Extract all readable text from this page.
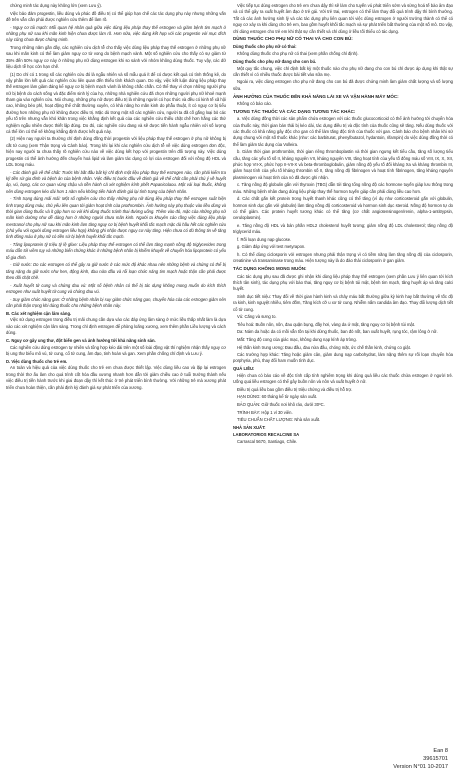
chứng minh tác dụng này không lớn (xem Lưu ý).

Việc bảo đảm progestin, liều dùng và phác đồ điều trị có thể giúp hạn chế các tác dụng phụ này nhưng những vấn đề trên vẫn cần phải được nghiên cứu thêm để làm rõ.

- Nguy cơ tái mạch: Mối quan hệ nhân quả giữa việc dùng liệu pháp thay thế estrogen và giảm bệnh tim mạch ở những phụ nữ sau khi mãn kinh hiện chưa được làm rõ. Hơn nữa, việc dùng kết hợp với các progestin với mục đích này cũng chưa được chứng minh.

Trong những năm gần đây, các nghiên cứu dịch tễ cho thấy việc dùng liệu pháp thay thế estrogen ở những phụ nữ sau khi mãn kinh có thể làm giảm nguy cơ tử vong do bệnh mạch vành. Một số nghiên cứu cho thấy có sự giảm từ 35% đến 50% nguy cơ này ở những phụ nữ dùng estrogen khi so sánh với nhóm không dùng thuốc. Tuy vậy, các dữ liệu dịch tễ học còn hạn chế.

(1) Do chỉ có 1 trong số các nghiên cứu đó là ngẫu nhiên và số mẫu quá ít để có được kết quả có tính thống kê, do vậy phần lớn kết quả các nghiên cứu liên quan đến thiếu tính khách quan. Do vậy, việc kết luận dùng liệu pháp thay thế estrogen làm giảm đáng kể nguy cơ bị bệnh mạch vành là không chắc chắn. Có thể thay vì chọn những người phụ nữ bị bệnh do cách sống và đặc điểm sinh lý của họ, những nhà nghiên cứu đã chọn những người phụ nữ khoẻ mạnh tham gia vào nghiên cứu. Nói chung, những phụ nữ được điều trị là những người có học thức và đều có kinh tế xã hội cao, không béo phì, hoạt động thể chất thường xuyên, có khả năng ho mãn kinh do phẫu thuật, ít có nguy cơ bị tiểu đường hơn những phụ nữ không được điều trị. Mặc dù trong một số các nghiên cứu, người ta đã cố gắng loại bỏ các yếu tố trên nhưng vẫn khó khăn trong việc khẳng định kết quả của các nghiên cứu thiếu chặt chẽ hơn hẳng các thử nghiệm ngẫu nhiên được thiết lập đúng. Do đó, các nghiên cứu đang và sẽ được tiến hành ngẫu nhiên với số lượng cá thể lớn có thể sẽ không khẳng định được kết quả này.

(2) Hiện nay người ta thường chỉ định dùng đồng thời progestin với liệu pháp thay thế estrogen ở phụ nữ không bị cắt tử cung (xem Thận trọng và Cảnh báo). Trong khi lại khi các nghiên cứu dịch tễ về việc dùng estrogen đơn độc, hiện nay người ta chưa thấy rõ nghiên cứu nào về việc dùng kết hợp với progestin trên đối tượng này. Việc dùng progestin có thể ảnh hưởng đến chuyển hoá lipid và làm giảm tác dụng có lợi của estrogen đối với nồng độ HDL và LDL trong máu.

- Các đánh giá về thể chất: Trước khi bắt đầu bất kỳ chỉ định một liệu pháp thay thế estrogen nào, cần phải kiểm tra kỹ tiền sử gia đình và bệnh án của bệnh nhân. Việc điều trị bước đầu về đánh giá về thể chất cần phải chú ý về huyết áp, vú, bụng, các cơ quan vùng chậu và tiền hành cả xét nghiệm kính phết Papanicolaou. Một vài loại thuốc, không nên dùng estrogen kéo dài hơn 1 năm nếu không tiến hành đánh giá lại tình trạng của bệnh nhân.

- Tình trạng dùng mãi mãi: Một số nghiên cứu cho thấy những phụ nữ dùng liệu pháp thay thế estrogen suất hiện tình trạng dùng máu, chủ yếu liên quan tới giảm hoạt tính của prothrombin. Ảnh hưởng này phụ thuộc vào liều dùng và thời gian dùng thuốc và ít gặp hơn so với khi dùng thuốc tránh thai đường uống. Thêm vào đó, mặc của những phụ nữ mãn kinh dường như dễ dàng hơn ở những người chưa mãn kinh. Người ta khuyên cáo rằng việc dùng liệu pháp mestranol cho phụ nữ sau khi mãn kinh làm tăng nguy cơ bị bệnh huyết khối tắc mạch mặc dù hầu hết các nghiên cứu (chủ yếu với người dùng estrogen liều hợp) không ghi nhận được nguy cơ này tăng. Hiện chưa có đủ thông tin về tăng tình đông máu ở phụ nữ có tiền sử bị bệnh huyết khối tắc mạch.

- Tăng lipoprotein tỷ triệu tỷ lệ glixe: Liệu pháp thay thế estrogen có thể làm tăng mạnh nồng độ triglycerides trong máu dẫn tới viêm tụy và những biến chứng khác ở những bệnh nhân bị khiếm khuyết về chuyển hóa lipoprotein có yếu tố gia đình.

- Giữ nước: Do các estrogen có thể gây ra giữ nước ở các mức độ khác nhau nên những bệnh và chứng có thể bị tăng nặng do giữ nước như hen, động kinh, đau nửa đầu và rối loạn chức năng tim mạch hoặc thận cần phải được theo dõi chặt chẽ.

- Xuất huyết tử cung và chứng đau vú: Một số bệnh nhân có thể bị tác dụng không mong muốn do kích thích estrogen như xuất huyết tử cung và chứng đau vú.

- Suy giảm chức năng gan: Ở những bệnh nhân bị suy giảm chức năng gan, chuyển hóa của các estrogen giảm nên cần phải thận trọng khi dùng thuốc cho những bệnh nhân này.

B. Các xét nghiệm cận lâm sàng.

Việc sử dụng estrogen trong điều trị mãi chung cần dựa vào các đáp ứng lâm sàng ở mức liều thấp nhất làm là dựa vào các xét nghiệm cận lâm sàng. Trong chỉ định estrogen để phòng loãng xương, xem thêm phần Liều lượng và cách dùng.

C. Nguy cơ gây ung thư, đột biến gen và ảnh hưởng tới khả năng sinh sản.

Các nghiên cứu dùng estrogen tự nhiên và tổng hợp kéo dài trên một số loài động vật thí nghiệm nhận thấy nguy cơ bị ung thư biểu mô vú, tử cung, cổ tử cung, âm đạo, tinh hoàn và gan. Xem phần chống chỉ định và Lưu ý.

D. Việc dùng thuốc cho trẻ em.

An toàn và hiệu quả của việc dùng thuốc cho trẻ em chưa được thiết lập. Việc dùng liều cao và lặp lại estrogen trong thời thơ ấu làm cho quá trình cốt hóa đầu xương nhanh hơn dẫn tới giảm chiều cao ở tuổi trưởng thành nếu việc điều trị tiền hành trước khi giai đoạn dậy thì kết thúc ở trẻ phát triển bình thường. Với những trẻ mà xương phát triển chưa hoàn thiện, cần phải định kỳ đánh giá sự phát triển của xương.

Việc tiếp tục dùng estrogen cho trẻ em chưa dậy thì sẽ làm cho tuyến vú phát triển sớm và sừng hoá tế bào âm đạo và có thể gây ra xuất huyết âm đạo ở trẻ gái. Với trẻ trai, estrogen có thể làm thay đổi quá trình dậy thì bình thường. Tất cả các ảnh hưởng sinh lý và các tác dụng phụ liên quan tới việc dùng estrogen ở người trưởng thành có thể có nguy cơ xảy ra khi dùng cho trẻ em, bao gồm huyết khối tắc mạch và sự phát triển bất thường của một số mô. Do vậy, chỉ dùng estrogen cho trẻ em khi thật sự cần thiết và chỉ dùng ở liều tối thiểu có tác dụng.

DÙNG THUỐC CHO PHỤ NỮ CÓ THAI VÀ CHO CON BÚ:

Dùng thuốc cho phụ nữ có thai:

Không dùng thuốc cho phụ nữ có thai (xem phần chống chỉ định).

Dùng thuốc cho phụ nữ đang cho con bú.

Một quy tắc chung, việc chỉ định bất kỳ một thuốc nào cho phụ nữ đang cho con bú chỉ được áp dụng khi thật sự cần thiết vì có nhiều thuốc được bài tiết vào sữa mẹ.

Ngoài ra, việc dùng estrogen cho phụ nữ đang cho con bú đã được chứng minh làm giảm chất lượng và số lượng sữa.

ẢNH HƯỞNG CỦA THUỐC ĐẾN KHẢ NĂNG LÁI XE VÀ VẬN HÀNH MÁY MÓC:

Không có báo cáo.

TƯƠNG TÁC THUỐC VÀ CÁC DẠNG TƯƠNG TÁC KHÁC:

a. Việc dùng đồng thời các sản phẩm chứa estrogen với các thuốc glucocorticoid có thể ảnh hưởng tới chuyển hóa của thuốc này, thời gian bán thải bị kéo dài, tác dụng điều trị và độc tính của thuốc cũng sẽ tăng. Nếu dùng thuốc với các thuốc có khả năng gây độc cho gan có thể làm tăng độc tính của thuốc với gan. Cảnh báo cho bệnh nhân khi sử dụng chung với một số thuốc khác (như: các barbiturat, phenylbutazol, hydantoin, rifampin) do việc dùng đồng thời có thể làm giảm tác dụng của Volleira.

b. Giảm thời gian prothrombin, thời gian riêng thromboplastin và thời gian ngưng kết tiểu cầu, tăng số lượng tiểu cầu, tăng các yếu tố số II, kháng nguyên VII, kháng nguyên VIII, tăng hoạt tính của yếu tố đông máu số VIII, IX, X, XII, phức hợp VII-X, phức hợp II-VII-X và beta-thromboglobulin, giảm nồng độ yếu tố đối kháng Xa và kháng thrombin III, giảm hoạt tính của yếu tố kháng thrombin số II, tăng nồng độ fibrinogen và hoạt tính fibrinogen, tăng kháng nguyên plasminogen và hoạt tính của nó đã được ghi nhận.

c. Tăng nồng độ globulin gắn với thyroxin (TBG) dẫn tới tăng tổng nồng độ các hormone tuyến giáp lưu thông trong máu. Những bệnh nhân đang dùng liệu pháp thay thế hormon tuyến giáp cần phải dùng liều cao hơn.

d. Các chất gắn kết protein trong huyết thanh khác cũng có thể tăng (ví dụ như corticosteroid gắn với globulin, hormon sinh dục gắn với globulin) làm tăng nồng độ corticosteroid và hormon sinh dục steroid. Nồng độ hormon tự do có thể giảm. Các protein huyết tương khác có thể tăng (cơ chất angiotensinogen/renin, alpha-1-antitrypsin, ceruloplasmin).

e. Tăng nồng độ HDL và bán phần HDL2 cholesterol huyết tương; giảm nồng độ LDL cholesterol; tăng nồng độ triglycerid máu.

f. Rối loạn dung nạp glucose.

g. Giảm đáp ứng với test metyrapon.

h. Có thể dùng ciclosporin với estrogen nhưng phải thận trọng vì có tiềm năng làm tăng nồng độ của ciclosporin, creatinine và transaminase trong máu. Hiện tượng này là do đào thải ciclosporin ở gan giảm.

TÁC DỤNG KHÔNG MONG MUỐN:

Các tác dụng phụ sau đã được ghi nhận khi dùng liệu pháp thay thế estrogen (xem phần Lưu ý liên quan tới kích thích tân sinh), tác dụng phụ với bào thai, tăng nguy cơ bị bệnh túi mật, bệnh tim mạch, tăng huyết áp và tăng calci huyết.

Sinh dục tiết niệu: Thay đổi về thời gian hành kinh và chảy máu bất thường giữa kỳ kinh hay bất thường về tốc độ ra kinh, kinh nguyệt nhiều, tiêm đốm, Tăng kích cỡ u xơ tử cung. Nhiễm nấm candida âm đạo. Thay đổi lượng dịch tiết cổ tử cung.

Vú: Căng và sưng to.

Tiêu hoá: Buồn nôn, nôn, đau quặn bụng, đầy hơi, vàng da ứ mật, tăng nguy cơ bị bệnh túi mật.

Da: Nám da hoặc da có mồi vẫn tồn tại khi dừng thuốc, ban đỏ nốt, ban xuất huyết, rụng tóc, rậm lông ở nữ.

Mắt: Tăng độ cong của giác mạc, không dung nạp kính áp tròng.

Hệ thần kinh trung ương: Đau đầu, đau nửa đầu, chóng mặt, ức chế thần kinh, chứng co giật.

Các trường hợp khác: Tăng hoặc giảm cân, giảm dung nạp carbohydrat, làm nặng thêm sự rối loạn chuyển hóa porphyria, phù, thay đổi ham muốn tình dục.

QUÁ LIỀU:

Hiện chưa có báo cáo về độc tính cấp tính nghiêm trọng khi dùng quá liều các thuốc chứa estrogen ở người trẻ. Uống quá liều estrogen có thể gây buồn nôn và nôn và xuất huyết ở nữ.

Điều trị quá liều bao gồm điều trị triệu chứng và điều trị hỗ trợ.

HẠN DÙNG: 60 tháng kể từ ngày sản xuất.

BẢO QUẢN: Giữ thuốc nơi khô ráo, dưới 30ºC.

TRÌNH BÀY: Hộp 1 vỉ 30 viên.

TIÊU CHUẨN CHẤT LƯỢNG: Nhà sản xuất.

NHÀ SẢN XUẤT:

LABORATORIOS RECALCINE SA

Carrascal 5670, Santiago, Chile.

Ean 8
39615701
Version N°01 10-2017
